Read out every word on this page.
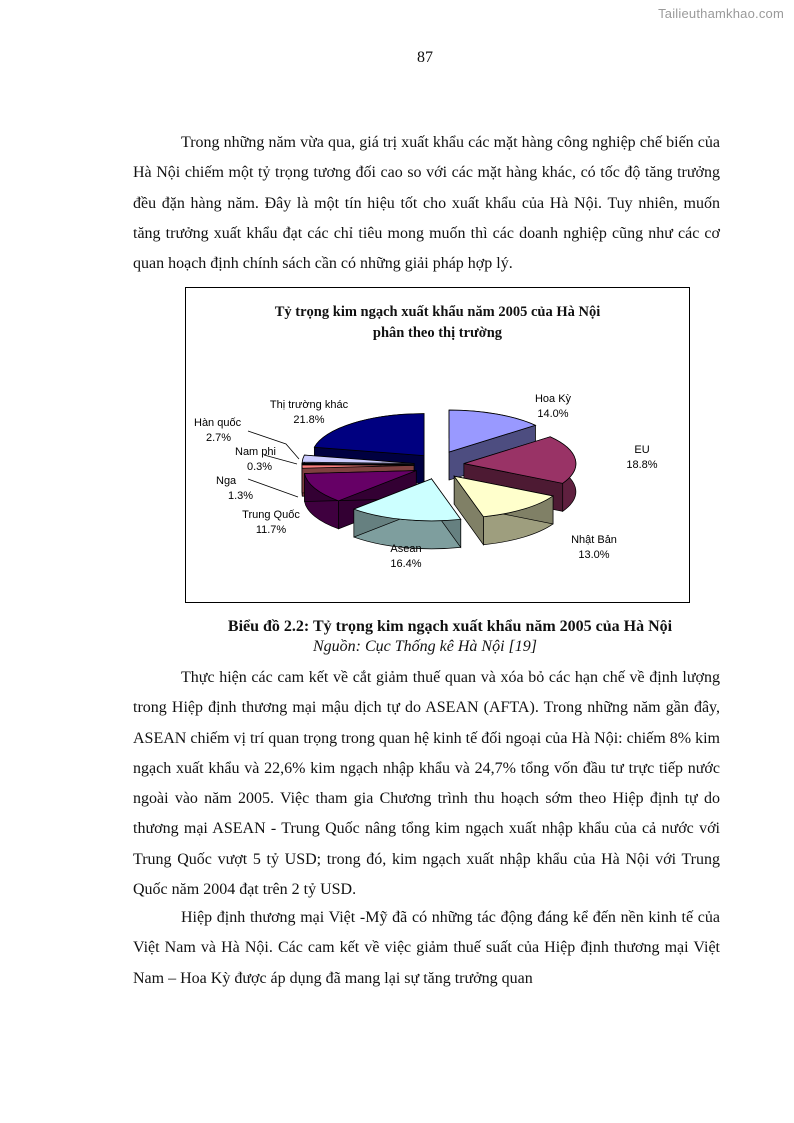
Tailieuthamkhao.com
87

Trong những năm vừa qua, giá trị xuất khẩu các mặt hàng công nghiệp chế biến của Hà Nội chiếm một tỷ trọng tương đối cao so với các mặt hàng khác, có tốc độ tăng trưởng đều đặn hàng năm. Đây là một tín hiệu tốt cho xuất khẩu của Hà Nội. Tuy nhiên, muốn tăng trưởng xuất khẩu đạt các chỉ tiêu mong muốn thì các doanh nghiệp cũng như các cơ quan hoạch định chính sách cần có những giải pháp hợp lý.

Tỷ trọng kim ngạch xuất khẩu năm 2005 của Hà Nội
phân theo thị trường
Hoa Kỳ
14.0%
EU
18.8%
Nhật Bản
13.0%
Asean
16.4%
Trung Quốc
11.7%
Nga
1.3%
Nam phi
0.3%
Hàn quốc
2.7%
Thị trường khác
21.8%
Biểu đồ 2.2: Tỷ trọng kim ngạch xuất khẩu năm 2005 của Hà Nội
Nguồn: Cục Thống kê Hà Nội [19]

Thực hiện các cam kết về cắt giảm thuế quan và xóa bỏ các hạn chế về định lượng trong Hiệp định thương mại mậu dịch tự do ASEAN (AFTA). Trong những năm gần đây, ASEAN chiếm vị trí quan trọng trong quan hệ kinh tế đối ngoại của Hà Nội: chiếm 8% kim ngạch xuất khẩu và 22,6% kim ngạch nhập khẩu và 24,7% tổng vốn đầu tư trực tiếp nước ngoài vào năm 2005. Việc tham gia Chương trình thu hoạch sớm theo Hiệp định tự do thương mại ASEAN - Trung Quốc nâng tổng kim ngạch xuất nhập khẩu của cả nước với Trung Quốc vượt 5 tỷ USD; trong đó, kim ngạch xuất nhập khẩu của Hà Nội với Trung Quốc năm 2004 đạt trên 2 tỷ USD.

Hiệp định thương mại Việt -Mỹ đã có những tác động đáng kể đến nền kinh tế của Việt Nam và Hà Nội. Các cam kết về việc giảm thuế suất của Hiệp định thương mại Việt Nam – Hoa Kỳ được áp dụng đã mang lại sự tăng trưởng quan
